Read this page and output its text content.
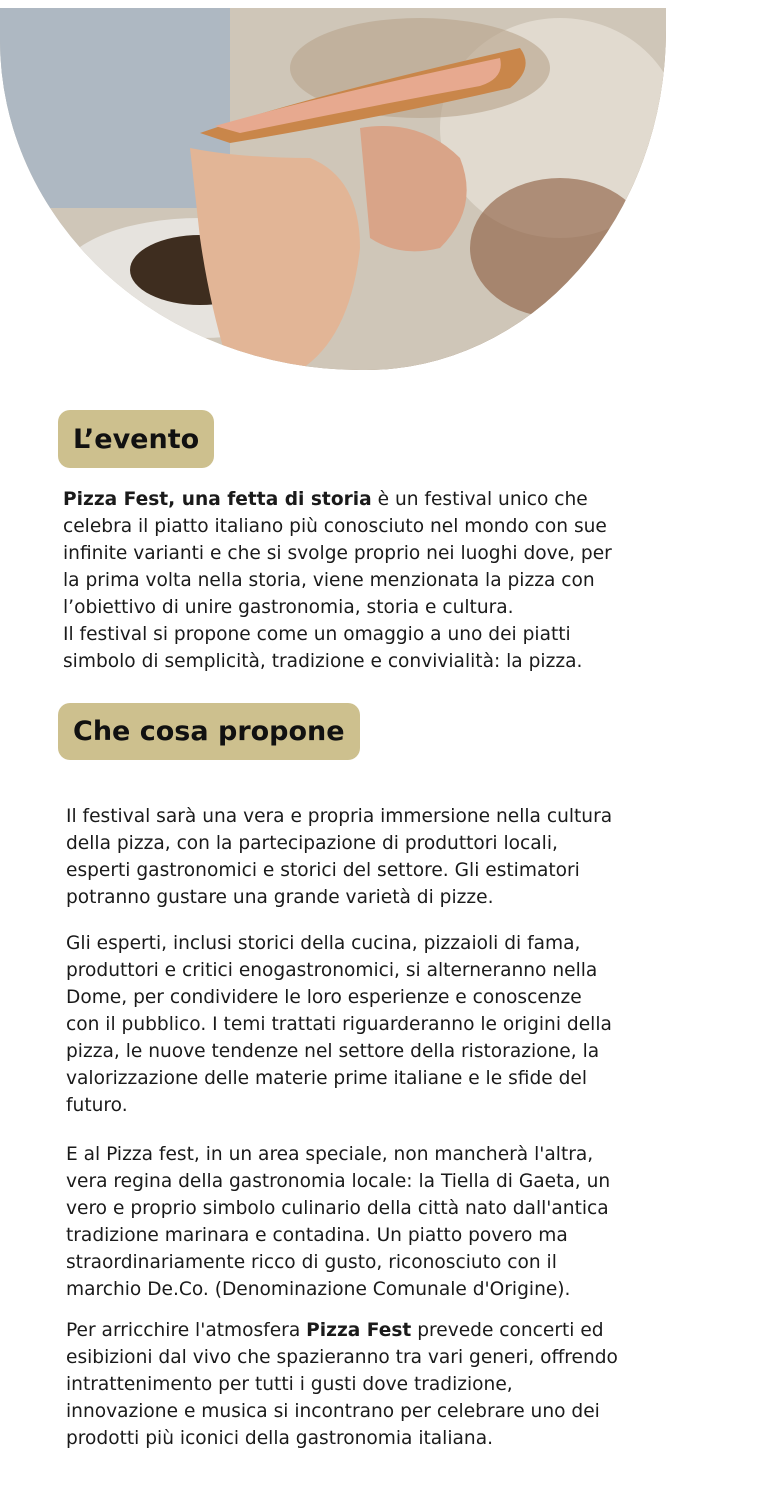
L’evento

Pizza Fest, una fetta di storia è un festival unico che
celebra il piatto italiano più conosciuto nel mondo con sue
infinite varianti e che si svolge proprio nei luoghi dove, per
la prima volta nella storia, viene menzionata la pizza con
l’obiettivo di unire gastronomia, storia e cultura.
Il festival si propone come un omaggio a uno dei piatti
simbolo di semplicità, tradizione e convivialità: la pizza.

Che cosa propone

Il festival sarà una vera e propria immersione nella cultura
della pizza, con la partecipazione di produttori locali,
esperti gastronomici e storici del settore. Gli estimatori
potranno gustare una grande varietà di pizze.

Gli esperti, inclusi storici della cucina, pizzaioli di fama,
produttori e critici enogastronomici, si alterneranno nella
Dome, per condividere le loro esperienze e conoscenze
con il pubblico. I temi trattati riguarderanno le origini della
pizza, le nuove tendenze nel settore della ristorazione, la
valorizzazione delle materie prime italiane e le sfide del
futuro.

E al Pizza fest, in un area speciale, non mancherà l'altra,
vera regina della gastronomia locale: la Tiella di Gaeta, un
vero e proprio simbolo culinario della città nato dall'antica
tradizione marinara e contadina. Un piatto povero ma
straordinariamente ricco di gusto, riconosciuto con il
marchio De.Co. (Denominazione Comunale d'Origine).

Per arricchire l'atmosfera Pizza Fest prevede concerti ed
esibizioni dal vivo che spazieranno tra vari generi, offrendo
intrattenimento per tutti i gusti dove tradizione,
innovazione e musica si incontrano per celebrare uno dei
prodotti più iconici della gastronomia italiana.
